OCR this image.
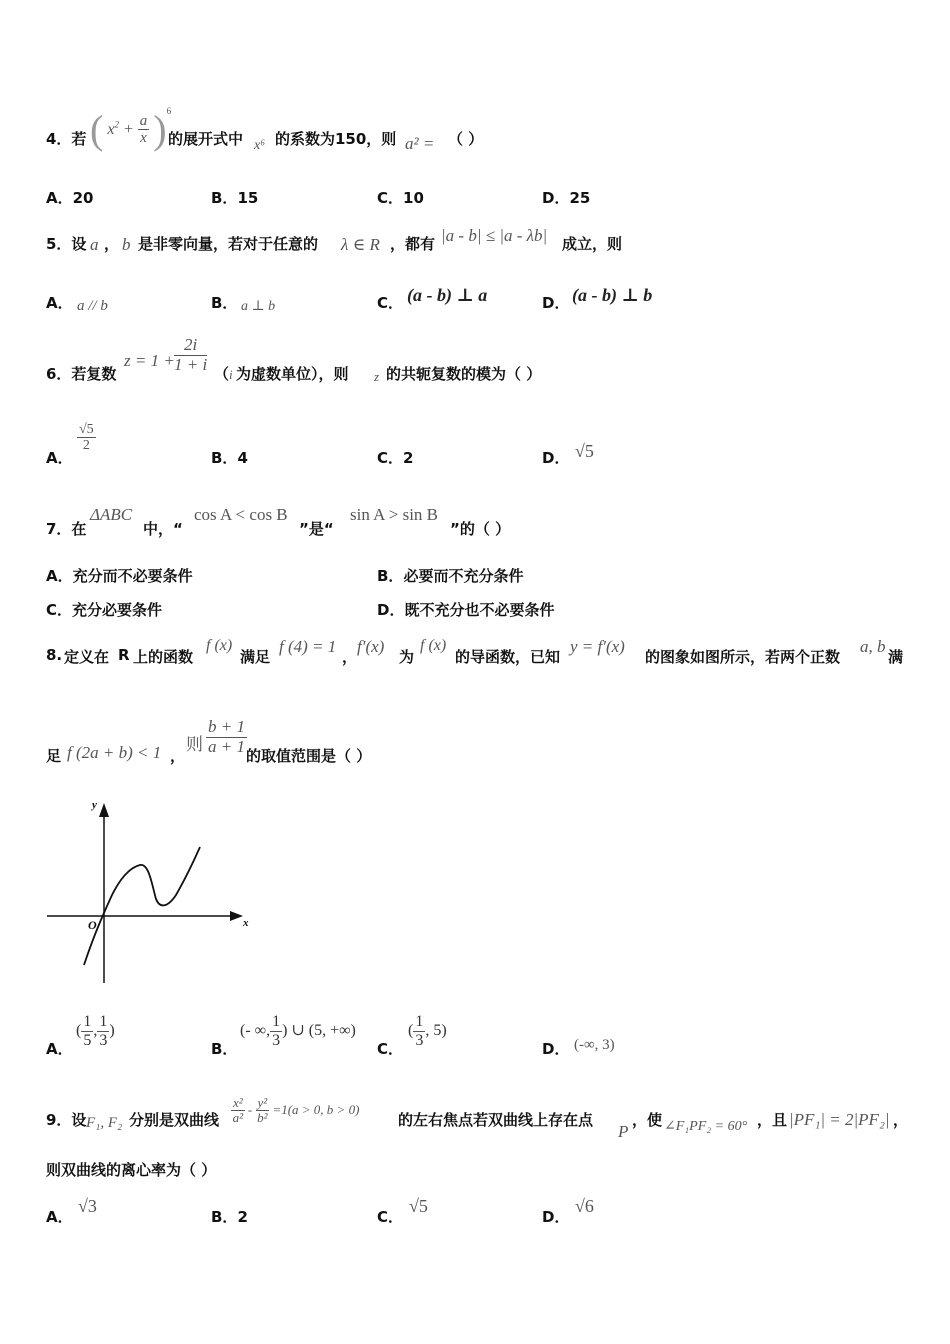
4．若 ( $x^2 + \frac{a}{x} )^6$
的展开式中 x⁶ 的系数为150，则 a² = （ ）
A．20	B．15	C．10	D．25
5．设 a ， b 是非零向量，若对于任意的 λ ∈ R ，都有 |a - b| ≤ |a - λb| 成立，则
A． a // b	B． a ⊥ b	C． (a - b) ⊥ a	D． (a - b) ⊥ b
6．若复数
$z = 1 + \frac{2i}{1 + i}$ （ i 为虚数单位），则 z 的共轭复数的模为（ ）
A．
$\frac{√5}{2}$
B．4	C．2	D． √5
7．在
ΔABC
中，“
cos A < cos B
”是“
sin A > sin B
”的（ ）
A．充分而不必要条件	B．必要而不充分条件
C．充分必要条件	D．既不充分也不必要条件
8. 定义在 R 上的函数
f (x)
满足
f (4) = 1
，
f′(x)
为
f (x)
的导函数，已知
y = f′(x)
的图象如图所示，若两个正数
a, b
满
足 f (2a + b) < 1 ，
则 $\frac{b + 1}{a + 1}$ 的取值范围是（ ）
x
y
O
A．
( $\frac{1}{5}$ , $\frac{1}{3}$ )
B．
(- ∞, $\frac{1}{3}$ ) ∪ (5, +∞)
C．
( $\frac{1}{3}$ , 5)
D． (-∞, 3)
9．设 F₁, F₂ 分别是双曲线 $\frac{\text{x²}}{\text{a²}} - \frac{\text{y²}}{\text{b²}} =1(a > 0$, b > 0)
的左右焦点若双曲线上存在点
P
，使 ∠F₁PF₂ = 60° ，且 |PF₁| = 2|PF₂| ，
则双曲线的离心率为（ ）
A．
√3
B．2	C．
√5
D．
√6
